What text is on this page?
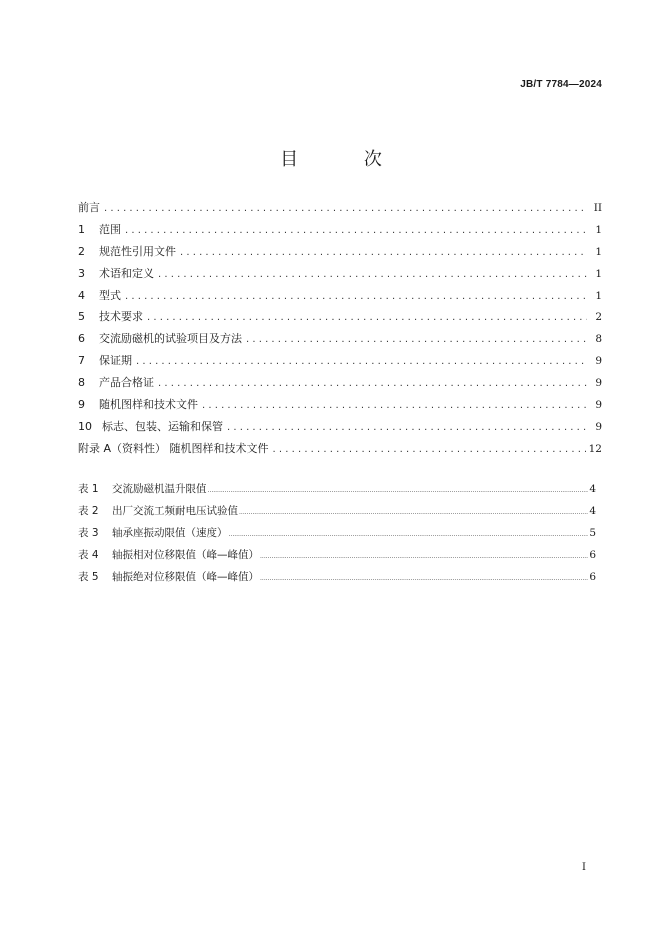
JB/T 7784—2024
目 次
前言 . . .	II
1	范围 . . .	1
2	规范性引用文件 . . .	1
3	术语和定义 . . .	1
4	型式 . . .	1
5	技术要求 . . .	2
6	交流励磁机的试验项目及方法 . . .	8
7	保证期 . . .	9
8	产品合格证 . . .	9
9	随机图样和技术文件 . . .	9
10 标志、包装、运输和保管 . . .	9
附录 A（资料性） 随机图样和技术文件 . . .	12
表 1	交流励磁机温升限值 .....	4
表 2	出厂交流工频耐电压试验值 .....	4
表 3	轴承座振动限值（速度） .....	5
表 4	轴振相对位移限值（峰—峰值） .....	6
表 5	轴振绝对位移限值（峰—峰值） .....	6
I
